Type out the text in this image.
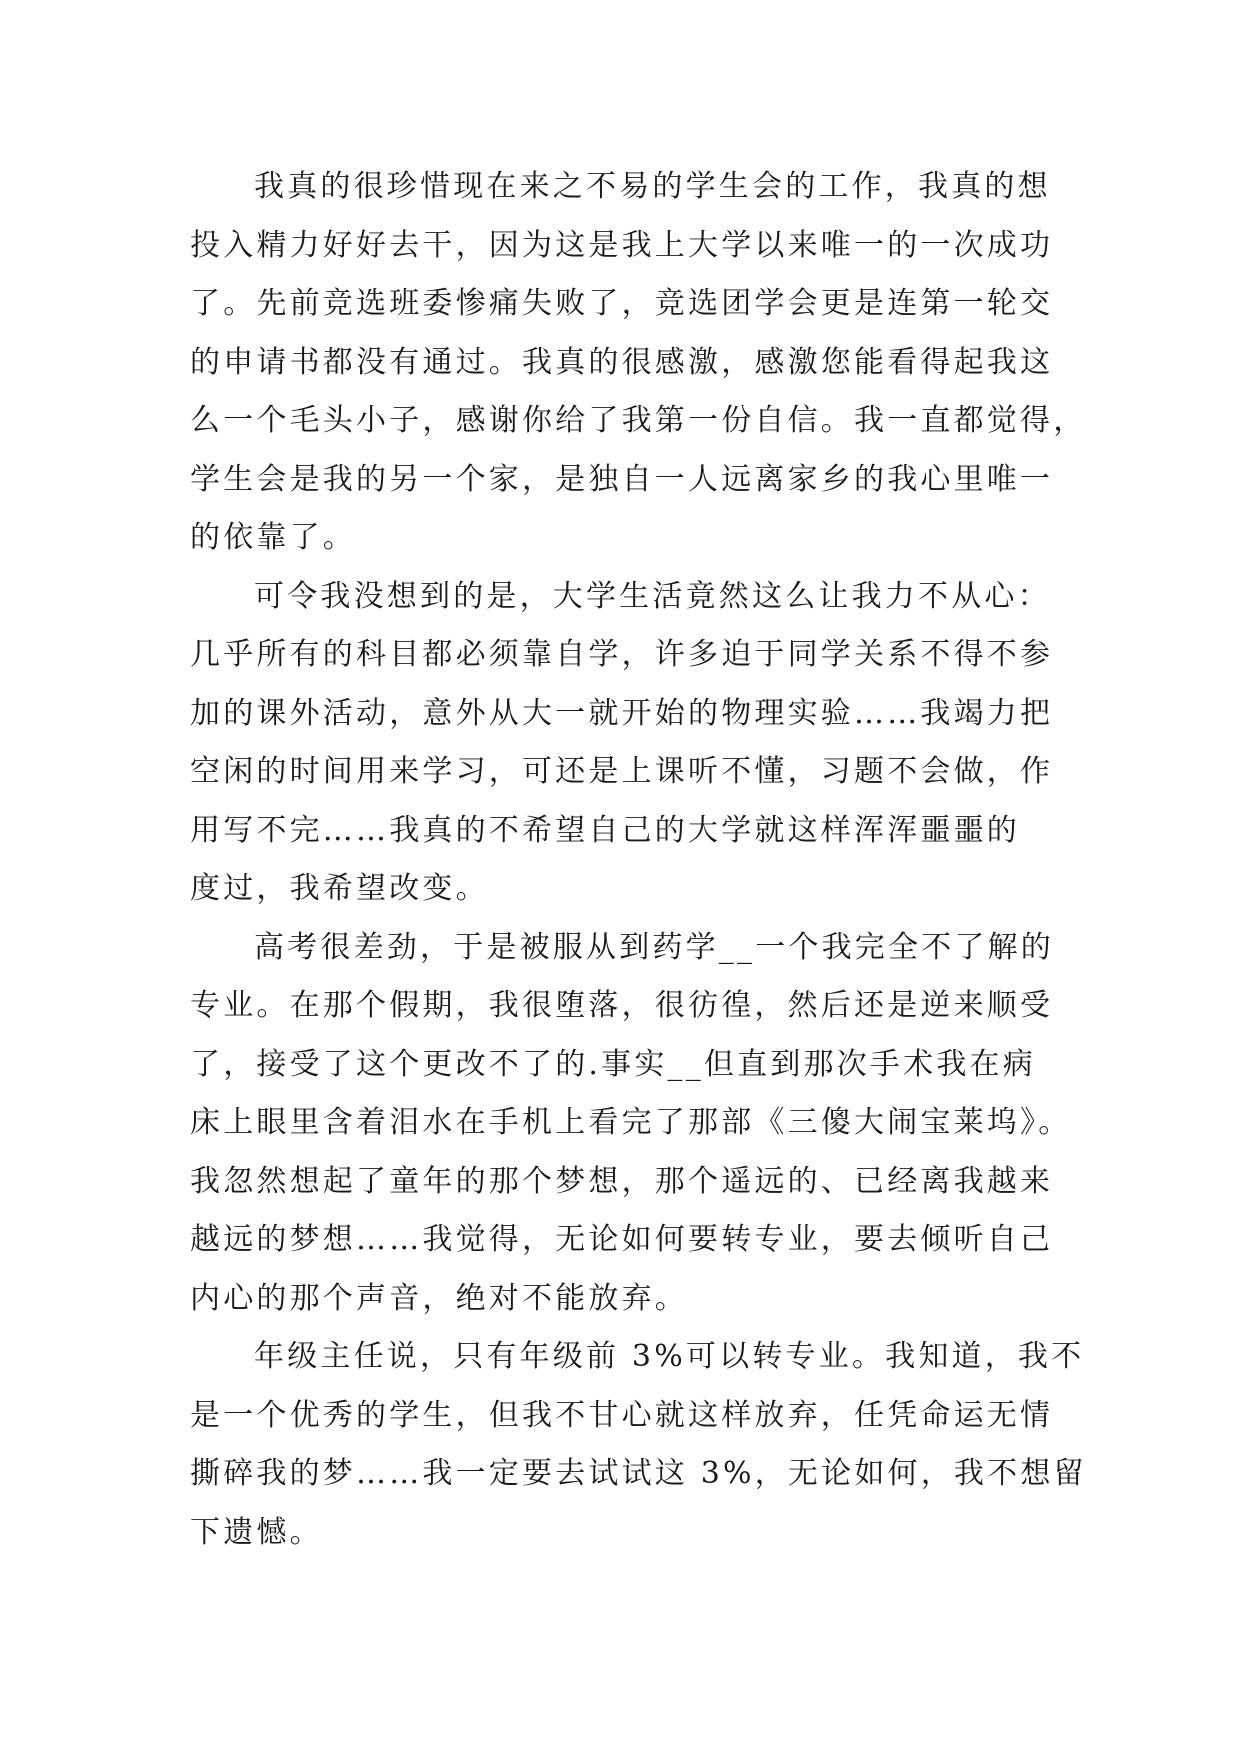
我真的很珍惜现在来之不易的学生会的工作，我真的想
投入精力好好去干，因为这是我上大学以来唯一的一次成功
了。先前竞选班委惨痛失败了，竞选团学会更是连第一轮交
的申请书都没有通过。我真的很感激，感激您能看得起我这
么一个毛头小子，感谢你给了我第一份自信。我一直都觉得，
学生会是我的另一个家，是独自一人远离家乡的我心里唯一
的依靠了。
可令我没想到的是，大学生活竟然这么让我力不从心：
几乎所有的科目都必须靠自学，许多迫于同学关系不得不参
加的课外活动，意外从大一就开始的物理实验……我竭力把
空闲的时间用来学习，可还是上课听不懂，习题不会做，作
用写不完……我真的不希望自己的大学就这样浑浑噩噩的
度过，我希望改变。
高考很差劲，于是被服从到药学__一个我完全不了解的
专业。在那个假期，我很堕落，很彷徨，然后还是逆来顺受
了，接受了这个更改不了的.事实__但直到那次手术我在病
床上眼里含着泪水在手机上看完了那部《三傻大闹宝莱坞》。
我忽然想起了童年的那个梦想，那个遥远的、已经离我越来
越远的梦想……我觉得，无论如何要转专业，要去倾听自己
内心的那个声音，绝对不能放弃。
年级主任说，只有年级前 3%可以转专业。我知道，我不
是一个优秀的学生，但我不甘心就这样放弃，任凭命运无情
撕碎我的梦……我一定要去试试这 3%，无论如何，我不想留
下遗憾。
